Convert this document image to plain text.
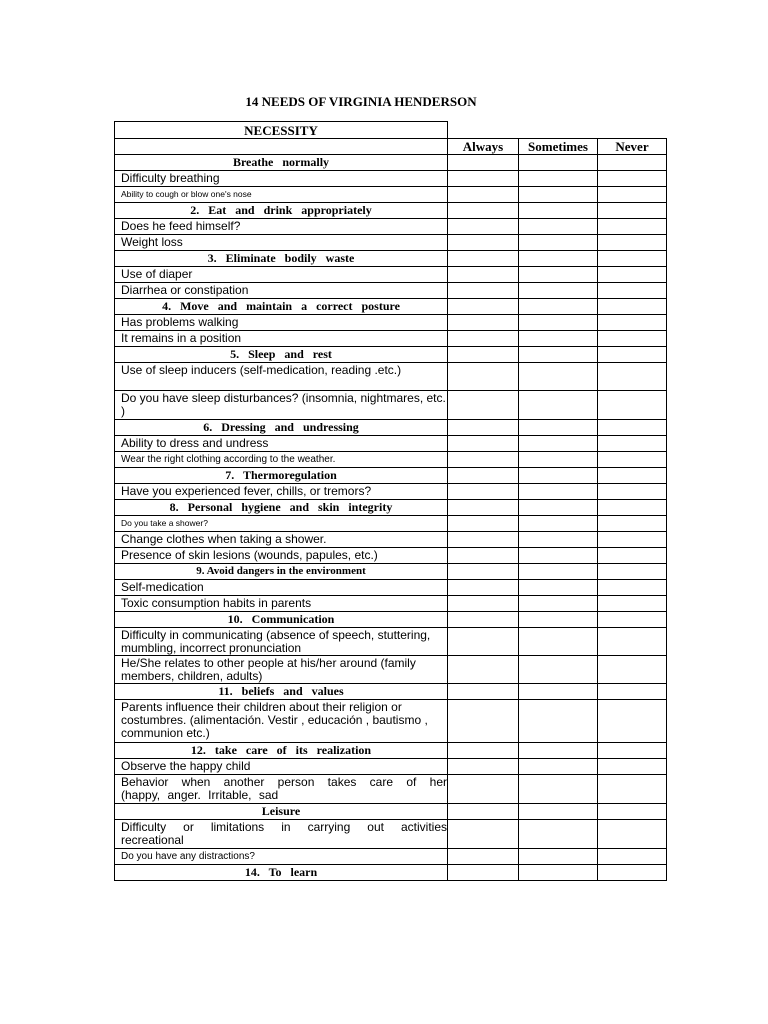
14 NEEDS OF VIRGINIA HENDERSON
NECESSITY			
	Always	Sometimes	Never
Breathe normally			
Difficulty breathing			
Ability to cough or blow one's nose			
2. Eat and drink appropriately			
Does he feed himself?			
Weight loss			
3. Eliminate bodily waste			
Use of diaper			
Diarrhea or constipation			
4. Move and maintain a correct posture			
Has problems walking			
It remains in a position			
5. Sleep and rest			
Use of sleep inducers (self-medication, reading .etc.)			
Do you have sleep disturbances? (insomnia, nightmares, etc. )			
6. Dressing and undressing			
Ability to dress and undress			
Wear the right clothing according to the weather.			
7. Thermoregulation			
Have you experienced fever, chills, or tremors?			
8. Personal hygiene and skin integrity			
Do you take a shower?			
Change clothes when taking a shower.			
Presence of skin lesions (wounds, papules, etc.)			
9. Avoid dangers in the environment			
Self-medication			
Toxic consumption habits in parents			
10. Communication			
Difficulty in communicating (absence of speech, stuttering, mumbling, incorrect pronunciation			
He/She relates to other people at his/her around (family members, children, adults)			
11. beliefs and values			
Parents influence their children about their religion or costumbres. (alimentación. Vestir , educación , bautismo , communion etc.)			
12. take care of its realization			
Observe the happy child			
Behavior when another person takes care of her (happy, anger. Irritable, sad			
Leisure			
Difficulty or limitations in carrying out activities recreational			
Do you have any distractions?			
14. To learn			
